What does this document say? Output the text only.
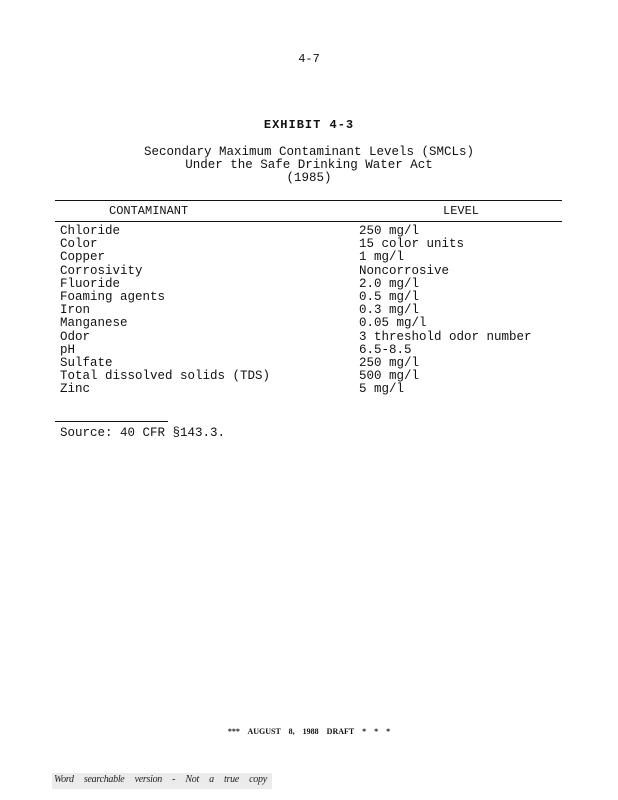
4-7
EXHIBIT 4-3
Secondary Maximum Contaminant Levels (SMCLs)
Under the Safe Drinking Water Act
(1985)
CONTAMINANT	LEVEL
Chloride	250 mg/l
Color	15 color units
Copper	1 mg/l
Corrosivity	Noncorrosive
Fluoride	2.0 mg/l
Foaming agents	0.5 mg/l
Iron	0.3 mg/l
Manganese	0.05 mg/l
Odor	3 threshold odor number
pH	6.5-8.5
Sulfate	250 mg/l
Total dissolved solids (TDS)	500 mg/l
Zinc	5 mg/l
Source: 40 CFR §143.3.
*** AUGUST 8, 1988 DRAFT * * *
Word searchable version - Not a true copy
